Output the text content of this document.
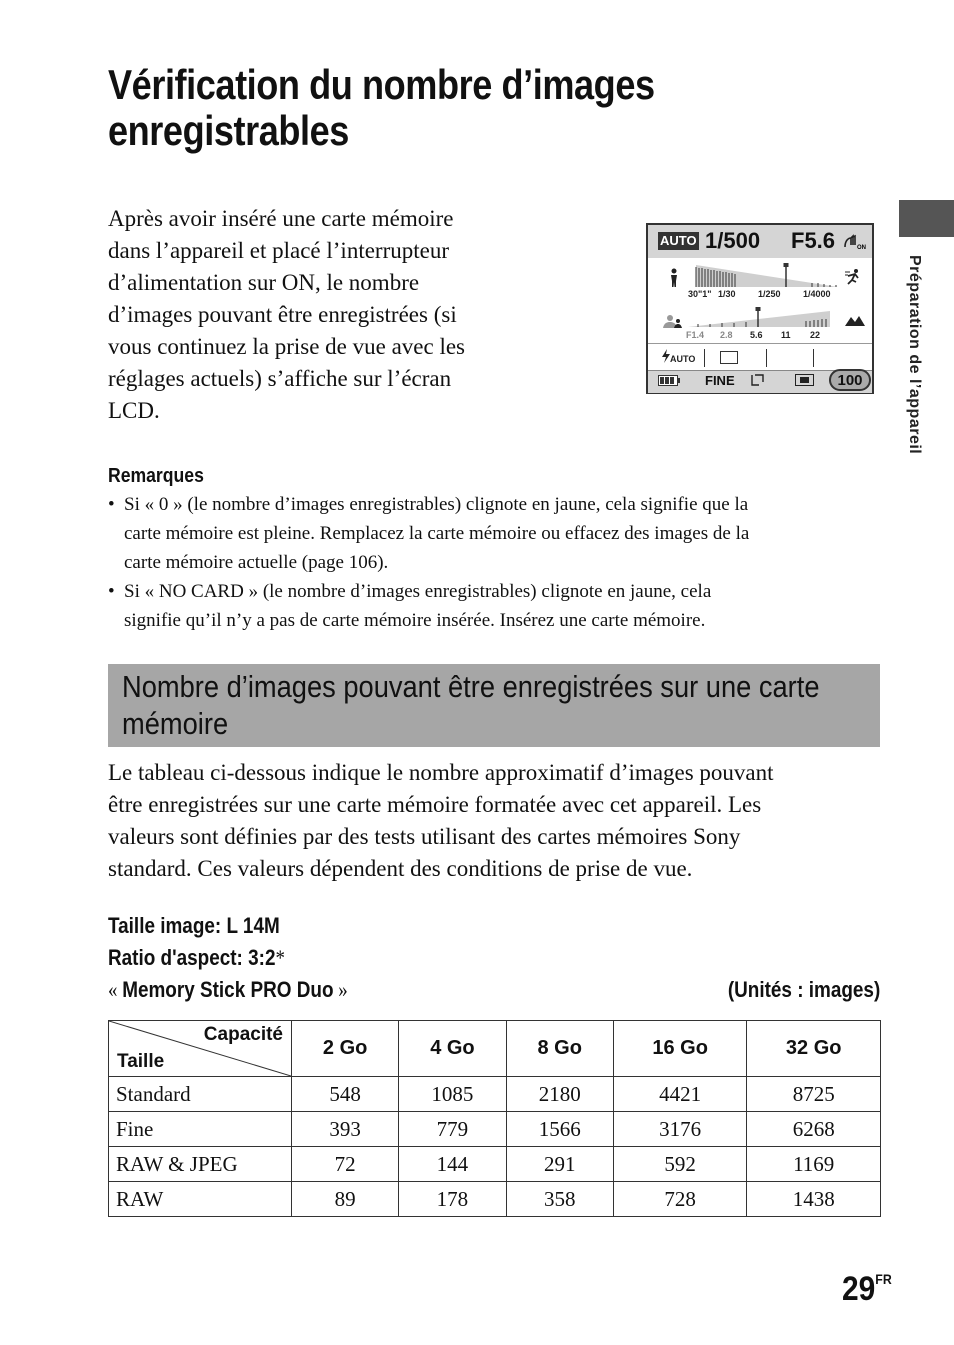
Vérification du nombre d’images
enregistrables
Préparation de l’appareil
Après avoir inséré une carte mémoire
dans l’appareil et placé l’interrupteur
d’alimentation sur ON, le nombre
d’images pouvant être enregistrées (si
vous continuez la prise de vue avec les
réglages actuels) s’affiche sur l’écran
LCD.
AUTO 1/500 F5.6	ON
30"1" 1/30 1/250 1/4000
F1.4 2.8 5.6 11 22
AUTO
FINE	100
Remarques
• Si « 0 » (le nombre d’images enregistrables) clignote en jaune, cela signifie que la
carte mémoire est pleine. Remplacez la carte mémoire ou effacez des images de la
carte mémoire actuelle (page 106).
• Si « NO CARD » (le nombre d’images enregistrables) clignote en jaune, cela
signifie qu’il n’y a pas de carte mémoire insérée. Insérez une carte mémoire.
Nombre d’images pouvant être enregistrées sur une carte
mémoire
Le tableau ci-dessous indique le nombre approximatif d’images pouvant
être enregistrées sur une carte mémoire formatée avec cet appareil. Les
valeurs sont définies par des tests utilisant des cartes mémoires Sony
standard. Ces valeurs dépendent des conditions de prise de vue.
Taille image: L 14M
Ratio d'aspect: 3:2*
« Memory Stick PRO Duo »	(Unités : images)
Capacité
Taille	2 Go	4 Go	8 Go	16 Go	32 Go
Standard	548	1085	2180	4421	8725
Fine	393	779	1566	3176	6268
RAW & JPEG	72	144	291	592	1169
RAW	89	178	358	728	1438
$29^{FR}$
